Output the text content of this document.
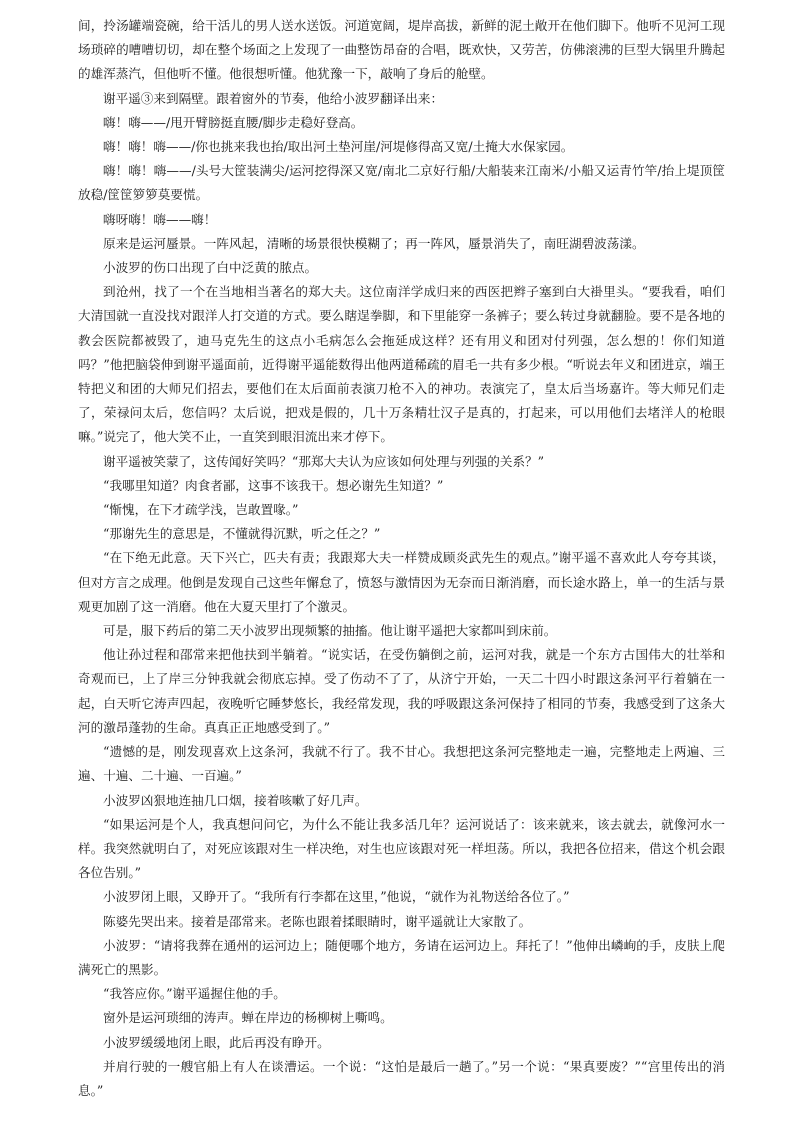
间，拎汤罐端瓷碗，给干活儿的男人送水送饭。河道宽阔，堤岸高拔，新鲜的泥土敞开在他们脚下。他听不见河工现场琐碎的嘈嘈切切，却在整个场面之上发现了一曲整饬昂奋的合唱，既欢快，又劳苦，仿佛滚沸的巨型大锅里升腾起的雄浑蒸汽，但他听不懂。他很想听懂。他犹豫一下，敲响了身后的舱壁。

谢平遥③来到隔壁。跟着窗外的节奏，他给小波罗翻译出来：

嗨！嗨——/甩开臂膀挺直腰/脚步走稳好登高。

嗨！嗨！嗨——/你也挑来我也抬/取出河土垫河崖/河堤修得高又宽/土掩大水保家园。

嗨！嗨！嗨——/头号大筐装满尖/运河挖得深又宽/南北二京好行船/大船装来江南米/小船又运青竹竿/抬上堤顶筐放稳/筐筐箩箩莫要慌。

嗨呀嗨！嗨——嗨！

原来是运河蜃景。一阵风起，清晰的场景很快模糊了；再一阵风，蜃景消失了，南旺湖碧波荡漾。

小波罗的伤口出现了白中泛黄的脓点。

到沧州，找了一个在当地相当著名的郑大夫。这位南洋学成归来的西医把辫子塞到白大褂里头。“要我看，咱们大清国就一直没找对跟洋人打交道的方式。要么瞎逞拳脚，和下里能穿一条裤子；要么转过身就翻脸。要不是各地的教会医院都被毁了，迪马克先生的这点小毛病怎么会拖延成这样？还有用义和团对付列强，怎么想的！你们知道吗？”他把脑袋伸到谢平遥面前，近得谢平遥能数得出他两道稀疏的眉毛一共有多少根。“听说去年义和团进京，端王特把义和团的大师兄们招去，要他们在太后面前表演刀枪不入的神功。表演完了，皇太后当场嘉许。等大师兄们走了，荣禄问太后，您信吗？太后说，把戏是假的，几十万条精壮汉子是真的，打起来，可以用他们去堵洋人的枪眼嘛。”说完了，他大笑不止，一直笑到眼泪流出来才停下。

谢平遥被笑蒙了，这传闻好笑吗？“那郑大夫认为应该如何处理与列强的关系？”

“我哪里知道？肉食者鄙，这事不该我干。想必谢先生知道？”

“惭愧，在下才疏学浅，岂敢置喙。”

“那谢先生的意思是，不懂就得沉默，听之任之？”

“在下绝无此意。天下兴亡，匹夫有责；我跟郑大夫一样赞成顾炎武先生的观点。”谢平遥不喜欢此人夸夸其谈，但对方言之成理。他倒是发现自己这些年懈怠了，愤怒与激情因为无奈而日渐消磨，而长途水路上，单一的生活与景观更加剧了这一消磨。他在大夏天里打了个激灵。

可是，服下药后的第二天小波罗出现频繁的抽搐。他让谢平遥把大家都叫到床前。

他让孙过程和邵常来把他扶到半躺着。“说实话，在受伤躺倒之前，运河对我，就是一个东方古国伟大的壮举和奇观而已，上了岸三分钟我就会彻底忘掉。受了伤动不了了，从济宁开始，一天二十四小时跟这条河平行着躺在一起，白天听它涛声四起，夜晚听它睡梦悠长，我经常发现，我的呼吸跟这条河保持了相同的节奏，我感受到了这条大河的激昂蓬勃的生命。真真正正地感受到了。”

“遗憾的是，刚发现喜欢上这条河，我就不行了。我不甘心。我想把这条河完整地走一遍，完整地走上两遍、三遍、十遍、二十遍、一百遍。”

小波罗凶狠地连抽几口烟，接着咳嗽了好几声。

“如果运河是个人，我真想问问它，为什么不能让我多活几年？运河说话了：该来就来，该去就去，就像河水一样。我突然就明白了，对死应该跟对生一样决绝，对生也应该跟对死一样坦荡。所以，我把各位招来，借这个机会跟各位告别。”

小波罗闭上眼，又睁开了。“我所有行李都在这里，”他说，“就作为礼物送给各位了。”

陈婆先哭出来。接着是邵常来。老陈也跟着揉眼睛时，谢平遥就让大家散了。

小波罗：“请将我葬在通州的运河边上；随便哪个地方，务请在运河边上。拜托了！”他伸出嶙峋的手，皮肤上爬满死亡的黑影。

“我答应你。”谢平遥握住他的手。

窗外是运河琐细的涛声。蝉在岸边的杨柳树上嘶鸣。

小波罗缓缓地闭上眼，此后再没有睁开。

并肩行驶的一艘官船上有人在谈漕运。一个说：“这怕是最后一趟了。”另一个说：“果真要废？”“宫里传出的消息。”
